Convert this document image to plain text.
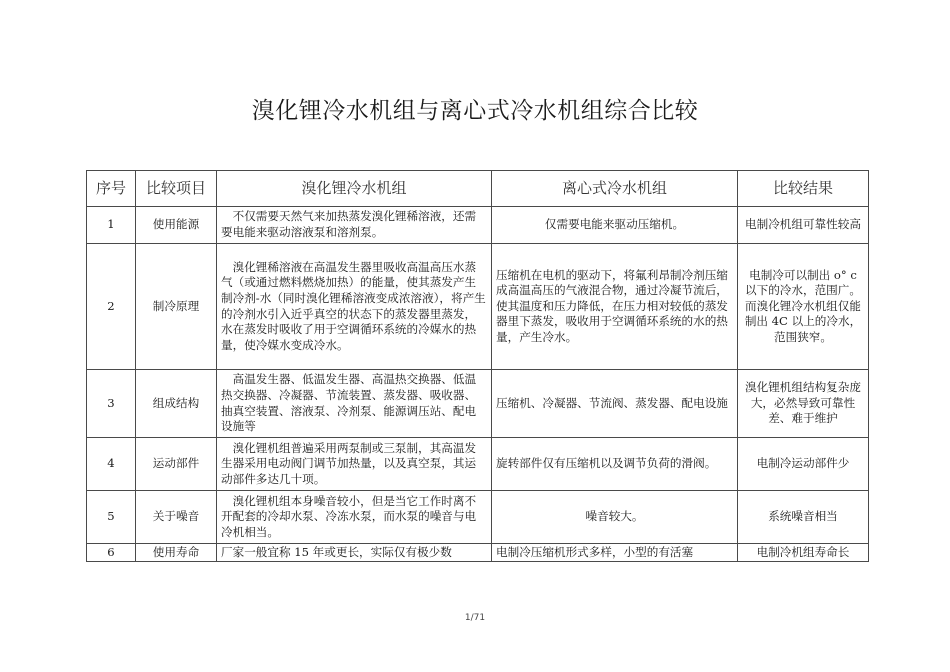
溴化锂冷水机组与离心式冷水机组综合比较
序号	比较项目	溴化锂冷水机组	离心式冷水机组	比较结果
1	使用能源	不仅需要天然气来加热蒸发溴化锂稀溶液，还需要电能来驱动溶液泵和溶剂泵。	仅需要电能来驱动压缩机。	电制冷机组可靠性较高
2	制冷原理	溴化锂稀溶液在高温发生器里吸收高温高压水蒸气（或通过燃料燃烧加热）的能量，使其蒸发产生制冷剂-水（同时溴化锂稀溶液变成浓溶液），将产生的冷剂水引入近乎真空的状态下的蒸发器里蒸发，水在蒸发时吸收了用于空调循环系统的冷媒水的热量，使冷媒水变成冷水。	压缩机在电机的驱动下，将氟利昂制冷剂压缩成高温高压的气液混合物，通过冷凝节流后，使其温度和压力降低，在压力相对较低的蒸发器里下蒸发，吸收用于空调循环系统的水的热量，产生冷水。	电制冷可以制出 o° c 以下的冷水，范围广。而溴化锂冷水机组仅能制出 4C 以上的冷水，范围狭窄。
3	组成结构	高温发生器、低温发生器、高温热交换器、低温热交换器、冷凝器、节流装置、蒸发器、吸收器、抽真空装置、溶液泵、冷剂泵、能源调压站、配电设施等	压缩机、冷凝器、节流阀、蒸发器、配电设施	溴化锂机组结构复杂庞大，必然导致可靠性差、难于维护
4	运动部件	溴化锂机组普遍采用两泵制或三泵制，其高温发生器采用电动阀门调节加热量，以及真空泵，其运动部件多达几十项。	旋转部件仅有压缩机以及调节负荷的滑阀。	电制冷运动部件少
5	关于噪音	溴化锂机组本身噪音较小，但是当它工作时离不开配套的冷却水泵、冷冻水泵，而水泵的噪音与电冷机相当。	噪音较大。	系统噪音相当
6	使用寿命	厂家一般宜称 15 年或更长，实际仅有极少数	电制冷压缩机形式多样，小型的有活塞	电制冷机组寿命长
1/71
